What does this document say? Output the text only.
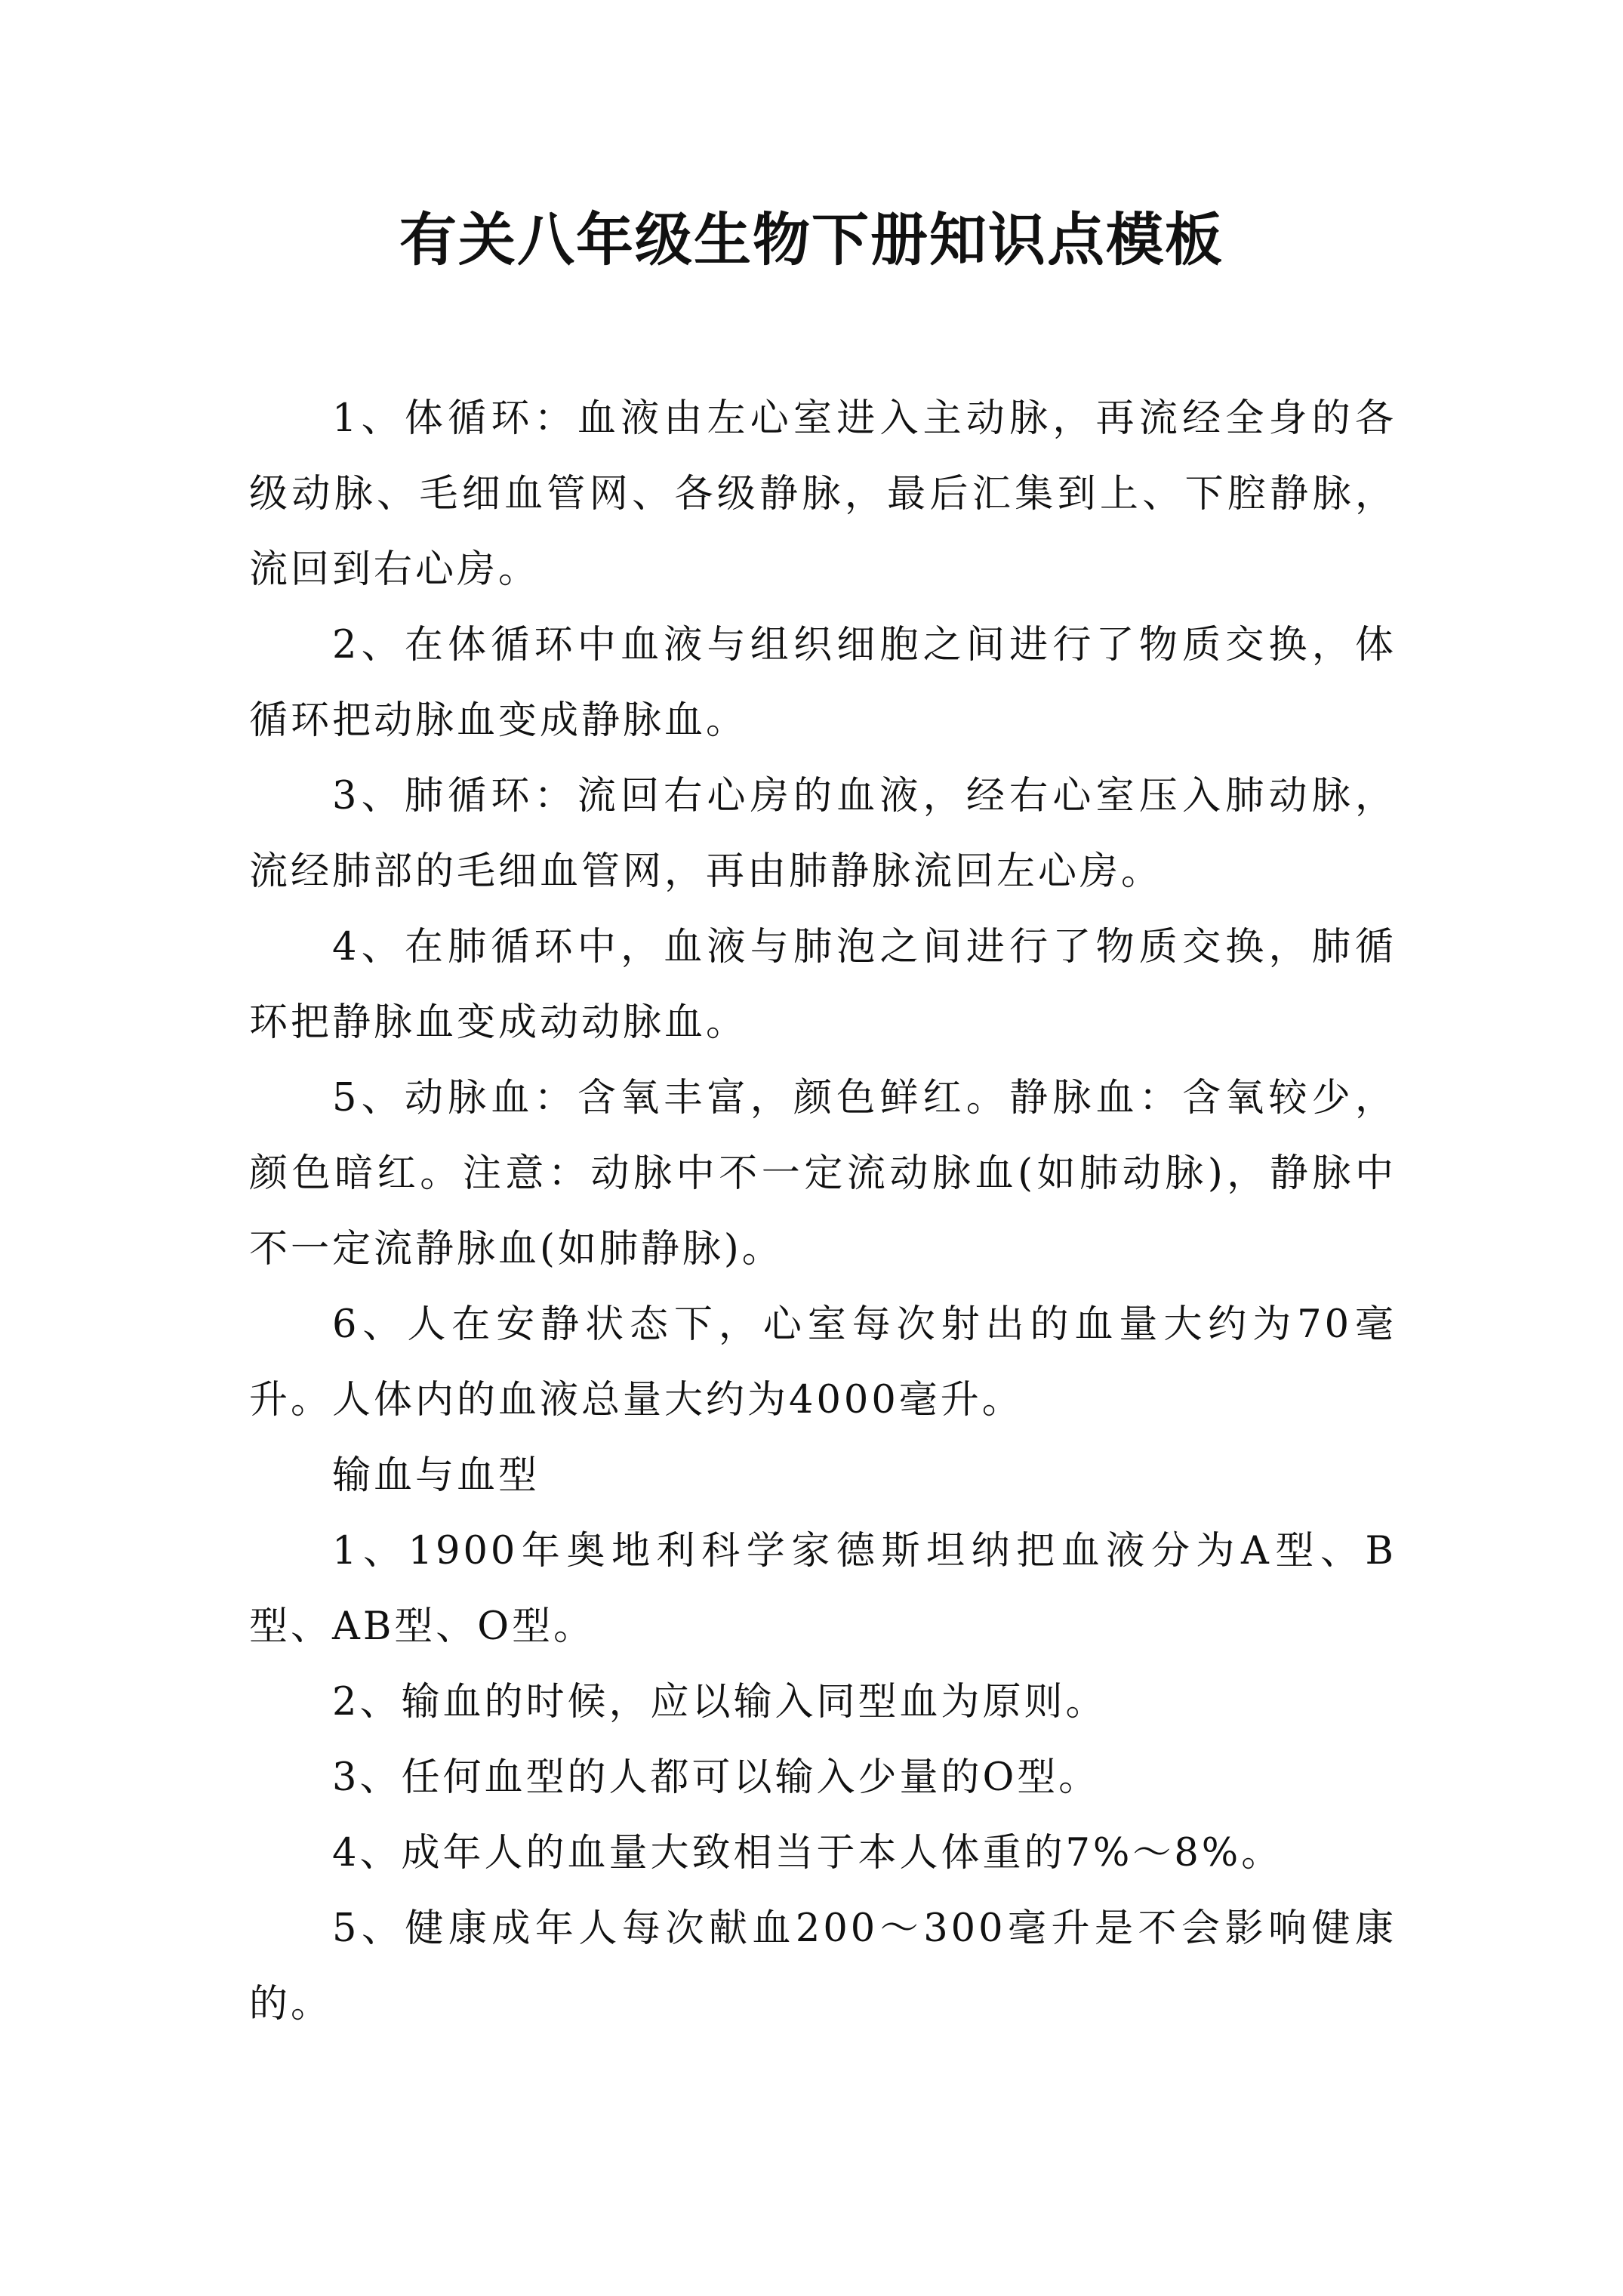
有关八年级生物下册知识点模板

1、体循环：血液由左心室进入主动脉，再流经全身的各级动脉、毛细血管网、各级静脉，最后汇集到上、下腔静脉，流回到右心房。

2、在体循环中血液与组织细胞之间进行了物质交换，体循环把动脉血变成静脉血。

3、肺循环：流回右心房的血液，经右心室压入肺动脉，流经肺部的毛细血管网，再由肺静脉流回左心房。

4、在肺循环中，血液与肺泡之间进行了物质交换，肺循环把静脉血变成动动脉血。

5、动脉血：含氧丰富，颜色鲜红。静脉血：含氧较少，颜色暗红。注意：动脉中不一定流动脉血(如肺动脉)，静脉中不一定流静脉血(如肺静脉)。

6、人在安静状态下，心室每次射出的血量大约为70毫升。人体内的血液总量大约为4000毫升。

输血与血型

1、1900年奥地利科学家德斯坦纳把血液分为A型、B型、AB型、O型。

2、输血的时候，应以输入同型血为原则。

3、任何血型的人都可以输入少量的O型。

4、成年人的血量大致相当于本人体重的7%～8%。

5、健康成年人每次献血200～300毫升是不会影响健康的。
